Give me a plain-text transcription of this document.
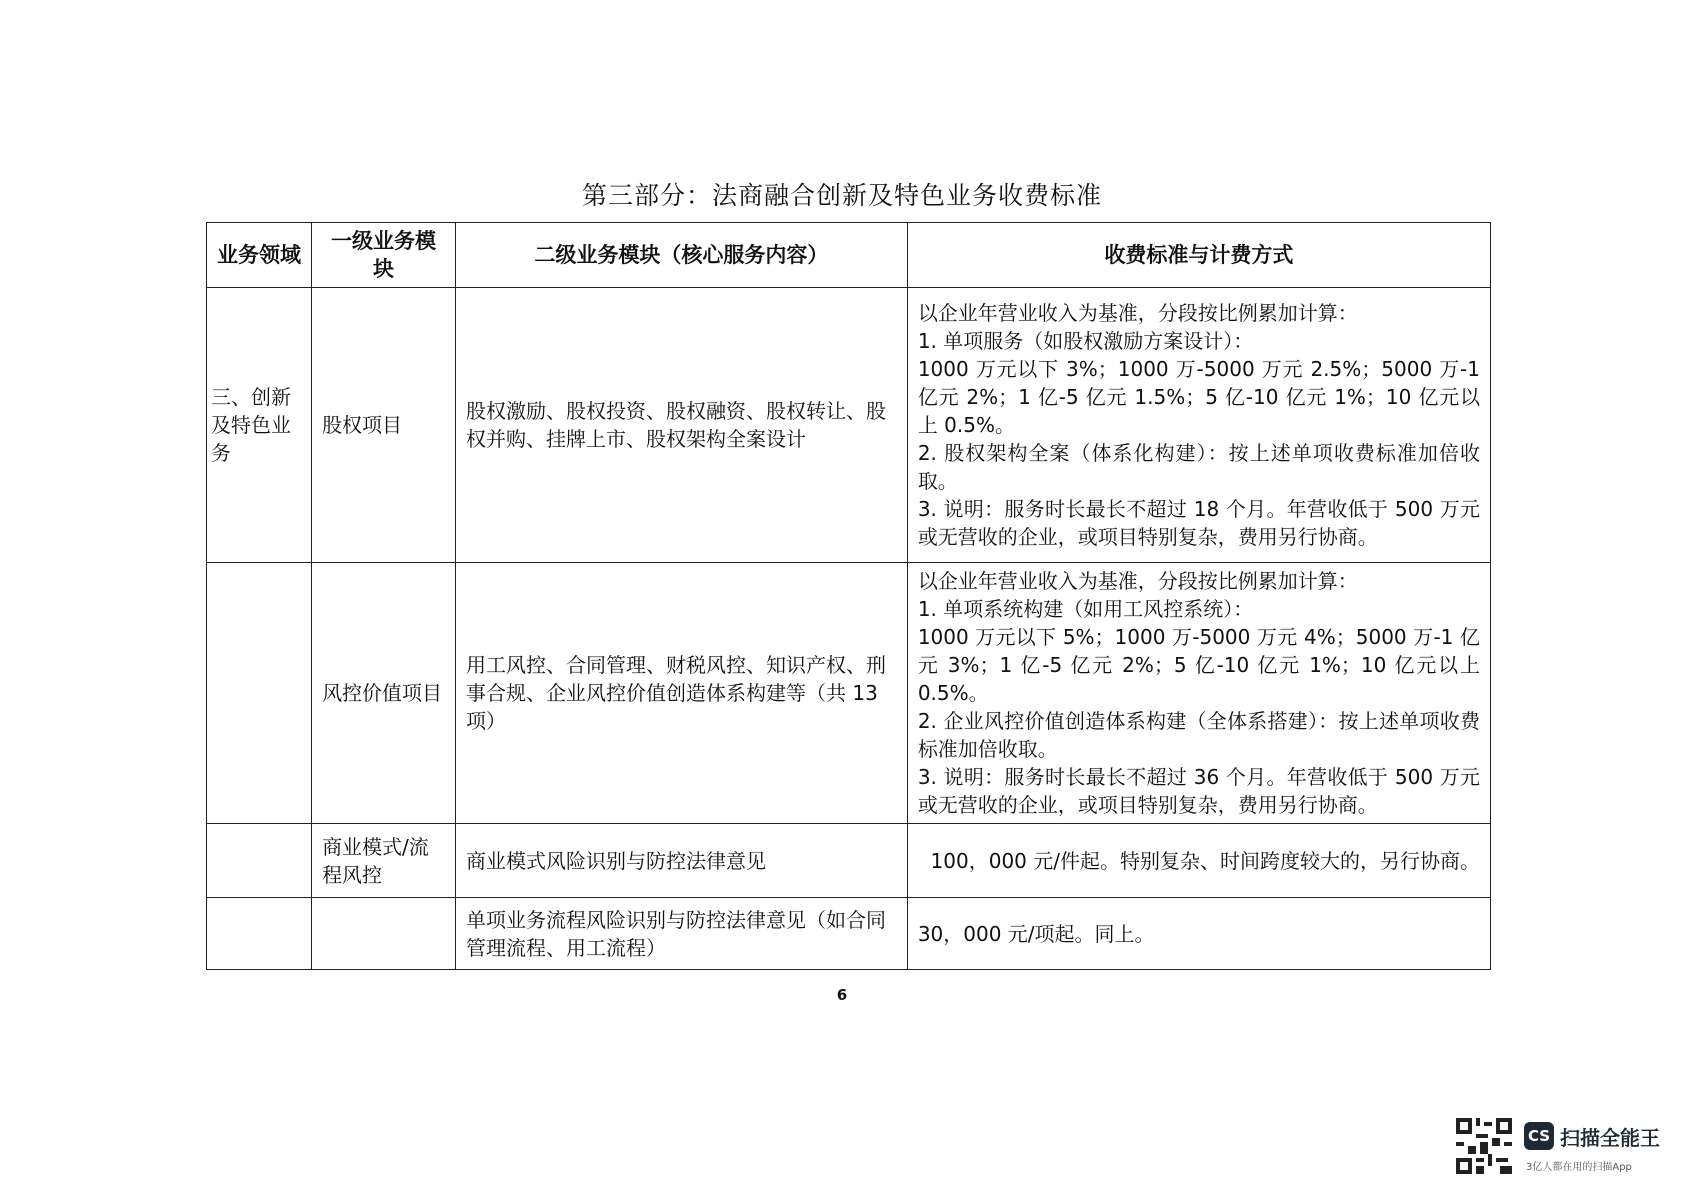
第三部分：法商融合创新及特色业务收费标准
业务领域	一级业务模块	二级业务模块（核心服务内容）	收费标准与计费方式
三、创新及特色业务	股权项目	股权激励、股权投资、股权融资、股权转让、股权并购、挂牌上市、股权架构全案设计	以企业年营业收入为基准，分段按比例累加计算：
1. 单项服务（如股权激励方案设计）：
1000 万元以下 3%；1000 万-5000 万元 2.5%；5000 万-1 亿元 2%；1 亿-5 亿元 1.5%；5 亿-10 亿元 1%；10 亿元以上 0.5%。
2. 股权架构全案（体系化构建）：按上述单项收费标准加倍收取。
3. 说明：服务时长最长不超过 18 个月。年营收低于 500 万元或无营收的企业，或项目特别复杂，费用另行协商。

	风控价值项目	用工风控、合同管理、财税风控、知识产权、刑事合规、企业风控价值创造体系构建等（共 13 项）	以企业年营业收入为基准，分段按比例累加计算：
1. 单项系统构建（如用工风控系统）：
1000 万元以下 5%；1000 万-5000 万元 4%；5000 万-1 亿元 3%；1 亿-5 亿元 2%；5 亿-10 亿元 1%；10 亿元以上 0.5%。
2. 企业风控价值创造体系构建（全体系搭建）：按上述单项收费标准加倍收取。
3. 说明：服务时长最长不超过 36 个月。年营收低于 500 万元或无营收的企业，或项目特别复杂，费用另行协商。

	商业模式/流程风控	商业模式风险识别与防控法律意见	100，000 元/件起。特别复杂、时间跨度较大的，另行协商。
		单项业务流程风险识别与防控法律意见（如合同管理流程、用工流程）	30，000 元/项起。同上。
6
CS 扫描全能王
3亿人都在用的扫描App
